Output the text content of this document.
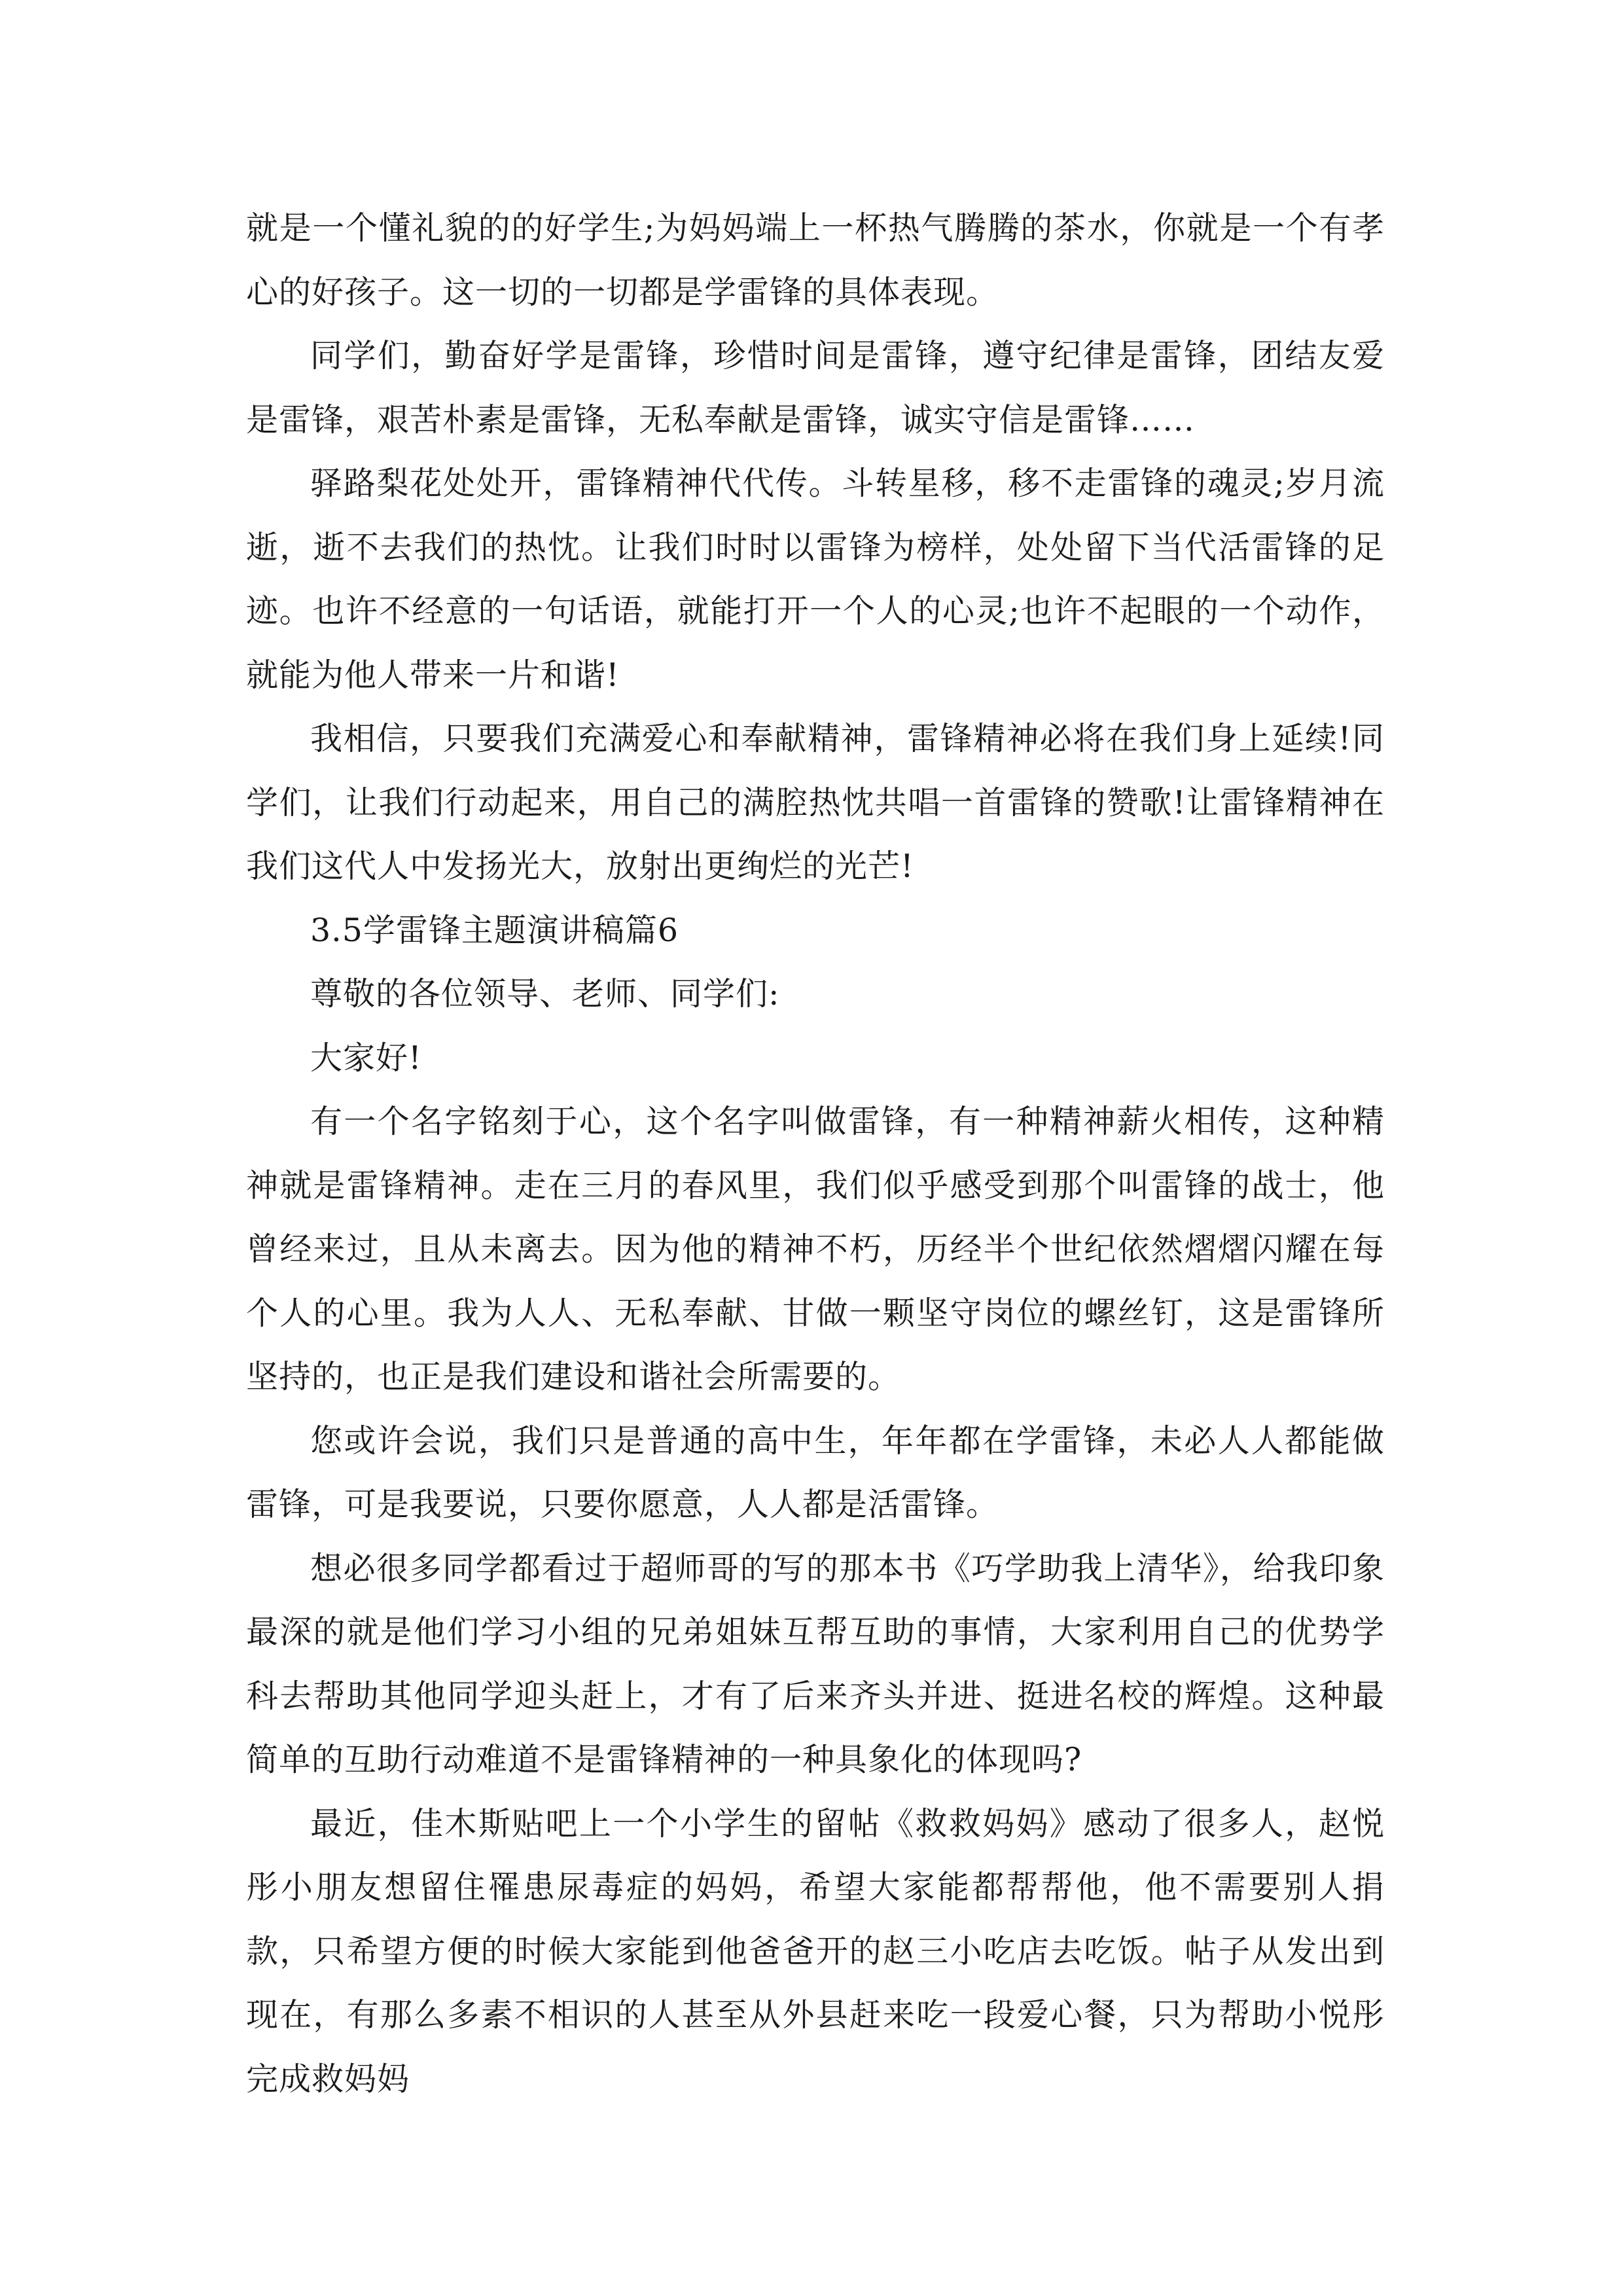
就是一个懂礼貌的的好学生;为妈妈端上一杯热气腾腾的茶水，你就是一个有孝心的好孩子。这一切的一切都是学雷锋的具体表现。

同学们，勤奋好学是雷锋，珍惜时间是雷锋，遵守纪律是雷锋，团结友爱是雷锋，艰苦朴素是雷锋，无私奉献是雷锋，诚实守信是雷锋……

驿路梨花处处开，雷锋精神代代传。斗转星移，移不走雷锋的魂灵;岁月流逝，逝不去我们的热忱。让我们时时以雷锋为榜样，处处留下当代活雷锋的足迹。也许不经意的一句话语，就能打开一个人的心灵;也许不起眼的一个动作，就能为他人带来一片和谐!

我相信，只要我们充满爱心和奉献精神，雷锋精神必将在我们身上延续!同学们，让我们行动起来，用自己的满腔热忱共唱一首雷锋的赞歌!让雷锋精神在我们这代人中发扬光大，放射出更绚烂的光芒!

3.5学雷锋主题演讲稿篇6

尊敬的各位领导、老师、同学们:

大家好!

有一个名字铭刻于心，这个名字叫做雷锋，有一种精神薪火相传，这种精神就是雷锋精神。走在三月的春风里，我们似乎感受到那个叫雷锋的战士，他曾经来过，且从未离去。因为他的精神不朽，历经半个世纪依然熠熠闪耀在每个人的心里。我为人人、无私奉献、甘做一颗坚守岗位的螺丝钉，这是雷锋所坚持的，也正是我们建设和谐社会所需要的。

您或许会说，我们只是普通的高中生，年年都在学雷锋，未必人人都能做雷锋，可是我要说，只要你愿意，人人都是活雷锋。

想必很多同学都看过于超师哥的写的那本书《巧学助我上清华》，给我印象最深的就是他们学习小组的兄弟姐妹互帮互助的事情，大家利用自己的优势学科去帮助其他同学迎头赶上，才有了后来齐头并进、挺进名校的辉煌。这种最简单的互助行动难道不是雷锋精神的一种具象化的体现吗?

最近，佳木斯贴吧上一个小学生的留帖《救救妈妈》感动了很多人，赵悦彤小朋友想留住罹患尿毒症的妈妈，希望大家能都帮帮他，他不需要别人捐款，只希望方便的时候大家能到他爸爸开的赵三小吃店去吃饭。帖子从发出到现在，有那么多素不相识的人甚至从外县赶来吃一段爱心餐，只为帮助小悦彤完成救妈妈
